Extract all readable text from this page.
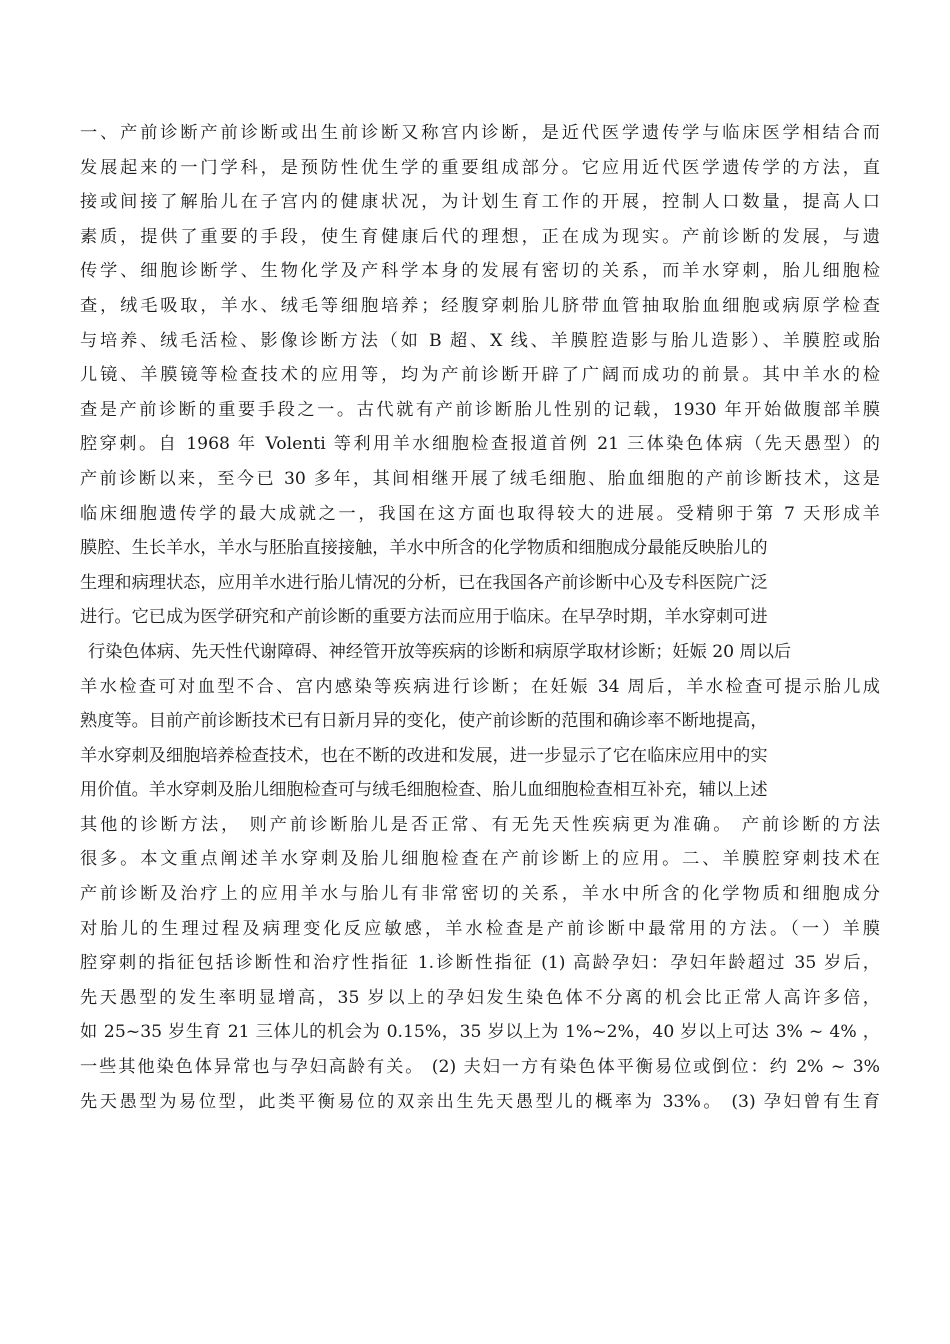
一、产前诊断产前诊断或出生前诊断又称宫内诊断，是近代医学遗传学与临床医学相结合而
发展起来的一门学科，是预防性优生学的重要组成部分。它应用近代医学遗传学的方法，直
接或间接了解胎儿在子宫内的健康状况，为计划生育工作的开展，控制人口数量，提高人口
素质，提供了重要的手段，使生育健康后代的理想，正在成为现实。产前诊断的发展，与遗
传学、细胞诊断学、生物化学及产科学本身的发展有密切的关系，而羊水穿刺，胎儿细胞检
查，绒毛吸取，羊水、绒毛等细胞培养；经腹穿刺胎儿脐带血管抽取胎血细胞或病原学检查
与培养、绒毛活检、影像诊断方法（如 B 超、X 线、羊膜腔造影与胎儿造影）、羊膜腔或胎
儿镜、羊膜镜等检查技术的应用等，均为产前诊断开辟了广阔而成功的前景。其中羊水的检
查是产前诊断的重要手段之一。古代就有产前诊断胎儿性别的记载，1930 年开始做腹部羊膜
腔穿刺。自 1968 年 Volenti 等利用羊水细胞检查报道首例 21 三体染色体病（先天愚型）的
产前诊断以来，至今已 30 多年，其间相继开展了绒毛细胞、胎血细胞的产前诊断技术，这是
临床细胞遗传学的最大成就之一，我国在这方面也取得较大的进展。受精卵于第 7 天形成羊
膜腔、生长羊水，羊水与胚胎直接接触，羊水中所含的化学物质和细胞成分最能反映胎儿的
生理和病理状态，应用羊水进行胎儿情况的分析，已在我国各产前诊断中心及专科医院广泛
进行。它已成为医学研究和产前诊断的重要方法而应用于临床。在早孕时期，羊水穿刺可进
行染色体病、先天性代谢障碍、神经管开放等疾病的诊断和病原学取材诊断；妊娠 20 周以后
羊水检查可对血型不合、宫内感染等疾病进行诊断；在妊娠 34 周后，羊水检查可提示胎儿成
熟度等。目前产前诊断技术已有日新月异的变化，使产前诊断的范围和确诊率不断地提高，
羊水穿刺及细胞培养检查技术，也在不断的改进和发展，进一步显示了它在临床应用中的实
用价值。羊水穿刺及胎儿细胞检查可与绒毛细胞检查、胎儿血细胞检查相互补充，辅以上述
其他的诊断方法， 则产前诊断胎儿是否正常、有无先天性疾病更为准确。 产前诊断的方法
很多。本文重点阐述羊水穿刺及胎儿细胞检查在产前诊断上的应用。二、羊膜腔穿刺技术在
产前诊断及治疗上的应用羊水与胎儿有非常密切的关系，羊水中所含的化学物质和细胞成分
对胎儿的生理过程及病理变化反应敏感，羊水检查是产前诊断中最常用的方法。（一）羊膜
腔穿刺的指征包括诊断性和治疗性指征 1.诊断性指征 (1) 高龄孕妇：孕妇年龄超过 35 岁后，
先天愚型的发生率明显增高，35 岁以上的孕妇发生染色体不分离的机会比正常人高许多倍，
如 25~35 岁生育 21 三体儿的机会为 0.15%，35 岁以上为 1%~2%，40 岁以上可达 3% ~ 4% ，
一些其他染色体异常也与孕妇高龄有关。 (2) 夫妇一方有染色体平衡易位或倒位：约 2% ~ 3%
先天愚型为易位型，此类平衡易位的双亲出生先天愚型儿的概率为 33%。 (3) 孕妇曾有生育
